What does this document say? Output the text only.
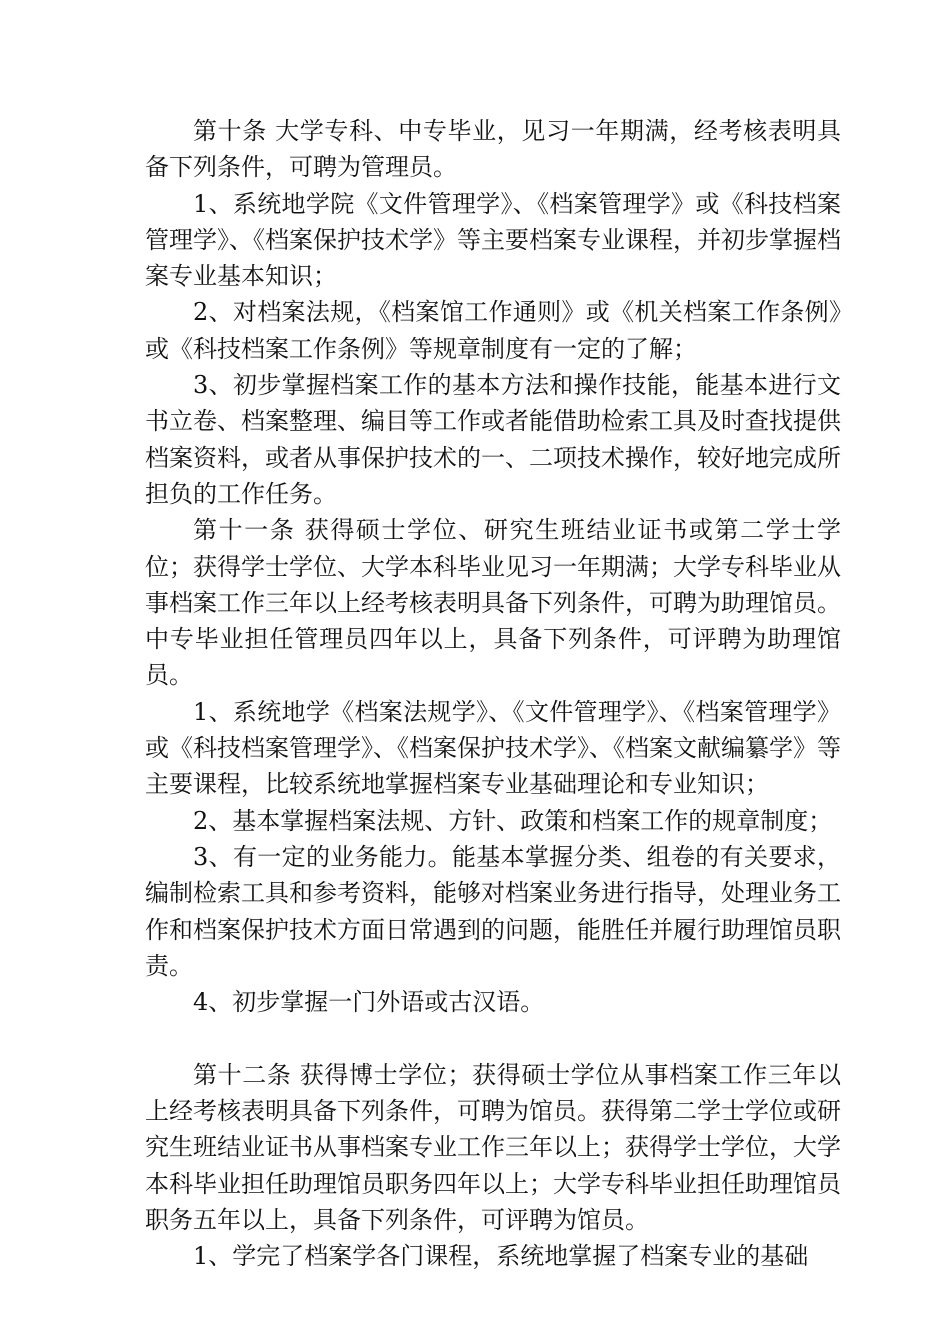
第十条 大学专科、中专毕业，见习一年期满，经考核表明具备下列条件，可聘为管理员。

1、系统地学院《文件管理学》、《档案管理学》或《科技档案管理学》、《档案保护技术学》等主要档案专业课程，并初步掌握档案专业基本知识；

2、对档案法规，《档案馆工作通则》或《机关档案工作条例》或《科技档案工作条例》等规章制度有一定的了解；

3、初步掌握档案工作的基本方法和操作技能，能基本进行文书立卷、档案整理、编目等工作或者能借助检索工具及时查找提供档案资料，或者从事保护技术的一、二项技术操作，较好地完成所担负的工作任务。

第十一条 获得硕士学位、研究生班结业证书或第二学士学位；获得学士学位、大学本科毕业见习一年期满；大学专科毕业从事档案工作三年以上经考核表明具备下列条件，可聘为助理馆员。中专毕业担任管理员四年以上，具备下列条件，可评聘为助理馆员。

1、系统地学《档案法规学》、《文件管理学》、《档案管理学》或《科技档案管理学》、《档案保护技术学》、《档案文献编纂学》等主要课程，比较系统地掌握档案专业基础理论和专业知识；

2、基本掌握档案法规、方针、政策和档案工作的规章制度；

3、有一定的业务能力。能基本掌握分类、组卷的有关要求，编制检索工具和参考资料，能够对档案业务进行指导，处理业务工作和档案保护技术方面日常遇到的问题，能胜任并履行助理馆员职责。

4、初步掌握一门外语或古汉语。

第十二条 获得博士学位；获得硕士学位从事档案工作三年以上经考核表明具备下列条件，可聘为馆员。获得第二学士学位或研究生班结业证书从事档案专业工作三年以上；获得学士学位，大学本科毕业担任助理馆员职务四年以上；大学专科毕业担任助理馆员职务五年以上，具备下列条件，可评聘为馆员。

1、学完了档案学各门课程，系统地掌握了档案专业的基础
